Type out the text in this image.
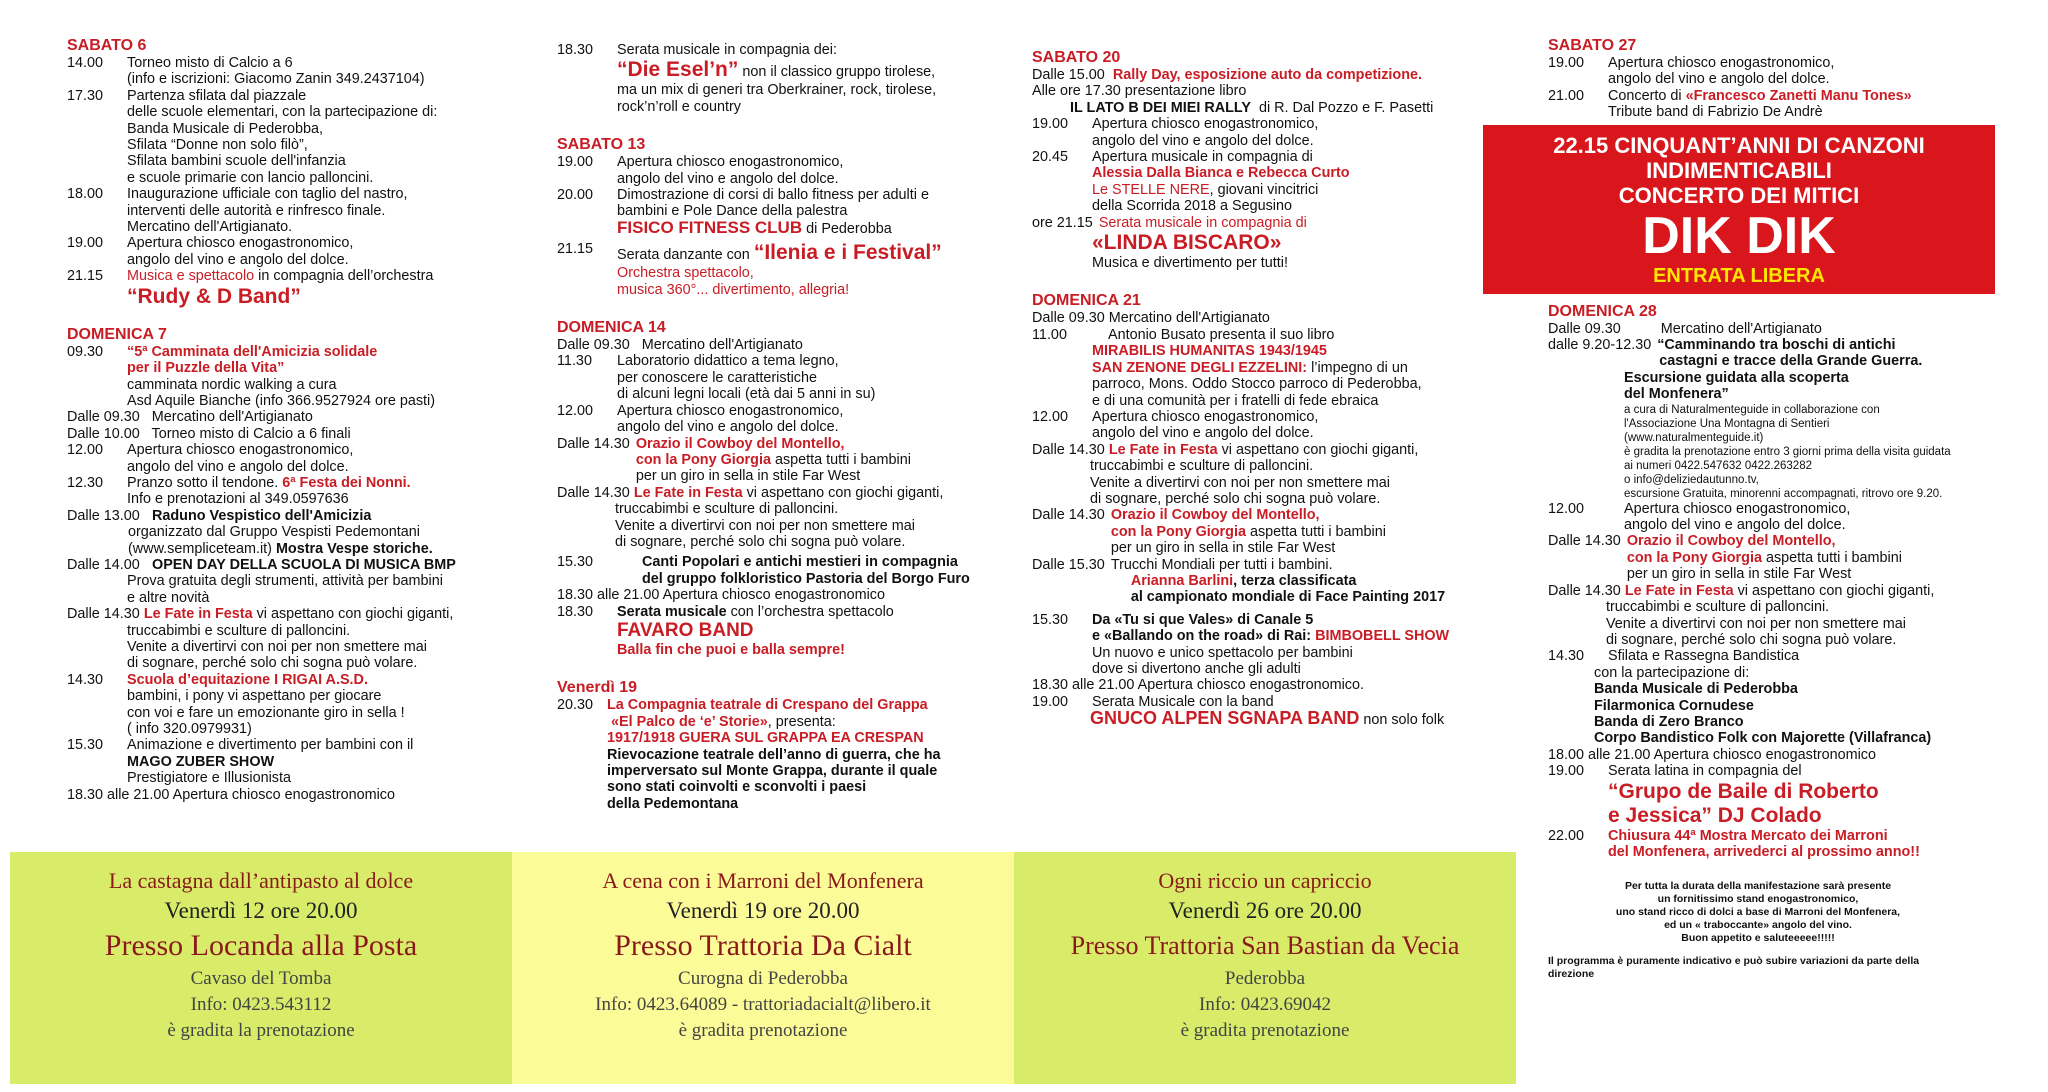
SABATO 6
14.00	Torneo misto di Calcio a 6
(info e iscrizioni: Giacomo Zanin 349.2437104)
17.30	Partenza sfilata dal piazzale
delle scuole elementari, con la partecipazione di:
Banda Musicale di Pederobba,
Sfilata “Donne non solo filò”,
Sfilata bambini scuole dell'infanzia
e scuole primarie con lancio palloncini.
18.00	Inaugurazione ufficiale con taglio del nastro,
interventi delle autorità e rinfresco finale.
Mercatino dell'Artigianato.
19.00	Apertura chiosco enogastronomico,
angolo del vino e angolo del dolce.
21.15	Musica e spettacolo in compagnia dell’orchestra
“Rudy & D Band”
DOMENICA 7
09.30	“5ª Camminata dell'Amicizia solidale
per il Puzzle della Vita”
camminata nordic walking a cura
Asd Aquile Bianche (info 366.9527924 ore pasti)
Dalle 09.30   Mercatino dell'Artigianato
Dalle 10.00   Torneo misto di Calcio a 6 finali
12.00	Apertura chiosco enogastronomico,
angolo del vino e angolo del dolce.
12.30	Pranzo sotto il tendone. 6ª Festa dei Nonni.
Info e prenotazioni al 349.0597636
Dalle 13.00 Raduno Vespistico dell'Amicizia
organizzato dal Gruppo Vespisti Pedemontani
(www.sempliceteam.it) Mostra Vespe storiche.
Dalle 14.00 OPEN DAY DELLA SCUOLA DI MUSICA BMP
Prova gratuita degli strumenti, attività per bambini
e altre novità
Dalle 14.30 Le Fate in Festa vi aspettano con giochi giganti,
truccabimbi e sculture di palloncini.
Venite a divertirvi con noi per non smettere mai
di sognare, perché solo chi sogna può volare.
14.30	Scuola d’equitazione I RIGAI A.S.D.
bambini, i pony vi aspettano per giocare
con voi e fare un emozionante giro in sella !
( info 320.0979931)
15.30	Animazione e divertimento per bambini con il
MAGO ZUBER SHOW
Prestigiatore e Illusionista
18.30 alle 21.00 Apertura chiosco enogastronomico
18.30	Serata musicale in compagnia dei:
“Die Esel’n” non il classico gruppo tirolese,
ma un mix di generi tra Oberkrainer, rock, tirolese,
rock’n’roll e country
SABATO 13
19.00	Apertura chiosco enogastronomico,
angolo del vino e angolo del dolce.
20.00	Dimostrazione di corsi di ballo fitness per adulti e
bambini e Pole Dance della palestra
FISICO FITNESS CLUB di Pederobba
21.15	Serata danzante con “Ilenia e i Festival”
Orchestra spettacolo,
musica 360°... divertimento, allegria!
DOMENICA 14
Dalle 09.30   Mercatino dell'Artigianato
11.30	Laboratorio didattico a tema legno,
per conoscere le caratteristiche
di alcuni legni locali (età dai 5 anni in su)
12.00	Apertura chiosco enogastronomico,
angolo del vino e angolo del dolce.
Dalle 14.30 Orazio il Cowboy del Montello,
con la Pony Giorgia aspetta tutti i bambini
per un giro in sella in stile Far West
Dalle 14.30 Le Fate in Festa vi aspettano con giochi giganti,
truccabimbi e sculture di palloncini.
Venite a divertirvi con noi per non smettere mai
di sognare, perché solo chi sogna può volare.
15.30	Canti Popolari e antichi mestieri in compagnia
del gruppo folkloristico Pastoria del Borgo Furo
18.30 alle 21.00 Apertura chiosco enogastronomico
18.30	Serata musicale con l’orchestra spettacolo
FAVARO BAND
Balla fin che puoi e balla sempre!
Venerdì 19
20.30 La Compagnia teatrale di Crespano del Grappa
«El Palco de ‘e’ Storie», presenta:
1917/1918 GUERA SUL GRAPPA EA CRESPAN
Rievocazione teatrale dell’anno di guerra, che ha
imperversato sul Monte Grappa, durante il quale
sono stati coinvolti e sconvolti i paesi
della Pedemontana
SABATO 20
Dalle 15.00  Rally Day, esposizione auto da competizione.
Alle ore 17.30 presentazione libro
IL LATO B DEI MIEI RALLY  di R. Dal Pozzo e F. Pasetti
19.00	Apertura chiosco enogastronomico,
angolo del vino e angolo del dolce.
20.45	Apertura musicale in compagnia di
Alessia Dalla Bianca e Rebecca Curto
Le STELLE NERE, giovani vincitrici
della Scorrida 2018 a Segusino
ore 21.15 Serata musicale in compagnia di
«LINDA BISCARO»
Musica e divertimento per tutti!
DOMENICA 21
Dalle 09.30 Mercatino dell'Artigianato
11.00	Antonio Busato presenta il suo libro
MIRABILIS HUMANITAS 1943/1945
SAN ZENONE DEGLI EZZELINI: l’impegno di un
parroco, Mons. Oddo Stocco parroco di Pederobba,
e di una comunità per i fratelli di fede ebraica
12.00	Apertura chiosco enogastronomico,
angolo del vino e angolo del dolce.
Dalle 14.30 Le Fate in Festa vi aspettano con giochi giganti,
truccabimbi e sculture di palloncini.
Venite a divertirvi con noi per non smettere mai
di sognare, perché solo chi sogna può volare.
Dalle 14.30 Orazio il Cowboy del Montello,
con la Pony Giorgia aspetta tutti i bambini
per un giro in sella in stile Far West
Dalle 15.30 Trucchi Mondiali per tutti i bambini.
Arianna Barlini, terza classificata
al campionato mondiale di Face Painting 2017
15.30	Da «Tu si que Vales» di Canale 5
e «Ballando on the road» di Rai: BIMBOBELL SHOW
Un nuovo e unico spettacolo per bambini
dove si divertono anche gli adulti
18.30 alle 21.00 Apertura chiosco enogastronomico.
19.00	Serata Musicale con la band
GNUCO ALPEN SGNAPA BAND non solo folk
SABATO 27
19.00	Apertura chiosco enogastronomico,
angolo del vino e angolo del dolce.
21.00	Concerto di «Francesco Zanetti Manu Tones»
Tribute band di Fabrizio De Andrè
22.15 CINQUANT’ANNI DI CANZONI
INDIMENTICABILI
CONCERTO DEI MITICI
DIK DIK
ENTRATA LIBERA
DOMENICA 28
Dalle 09.30          Mercatino dell'Artigianato
dalle 9.20-12.30 “Camminando tra boschi di antichi
castagni e tracce della Grande Guerra.
Escursione guidata alla scoperta
del Monfenera”
a cura di Naturalmenteguide in collaborazione con
l'Associazione Una Montagna di Sentieri
(www.naturalmenteguide.it)
è gradita la prenotazione entro 3 giorni prima della visita guidata
ai numeri 0422.547632 0422.263282
o info@deliziedautunno.tv,
escursione Gratuita, minorenni accompagnati, ritrovo ore 9.20.
12.00	Apertura chiosco enogastronomico,
angolo del vino e angolo del dolce.
Dalle 14.30 Orazio il Cowboy del Montello,
con la Pony Giorgia aspetta tutti i bambini
per un giro in sella in stile Far West
Dalle 14.30 Le Fate in Festa vi aspettano con giochi giganti,
truccabimbi e sculture di palloncini.
Venite a divertirvi con noi per non smettere mai
di sognare, perché solo chi sogna può volare.
14.30	Sfilata e Rassegna Bandistica
con la partecipazione di:
Banda Musicale di Pederobba
Filarmonica Cornudese
Banda di Zero Branco
Corpo Bandistico Folk con Majorette (Villafranca)
18.00 alle 21.00 Apertura chiosco enogastronomico
19.00	Serata latina in compagnia del
“Grupo de Baile di Roberto
e Jessica” DJ Colado
22.00	Chiusura 44ª Mostra Mercato dei Marroni
del Monfenera, arrivederci al prossimo anno!!
Per tutta la durata della manifestazione sarà presente
un fornitissimo stand enogastronomico,
uno stand ricco di dolci a base di Marroni del Monfenera,
ed un « traboccante» angolo del vino.
Buon appetito e saluteeeee!!!!!
Il programma è puramente indicativo e può subire variazioni da parte della direzione
La castagna dall’antipasto al dolce
Venerdì 12 ore 20.00
Presso Locanda alla Posta
Cavaso del Tomba
Info: 0423.543112
è gradita la prenotazione
A cena con i Marroni del Monfenera
Venerdì 19 ore 20.00
Presso Trattoria Da Cialt
Curogna di Pederobba
Info: 0423.64089 - trattoriadacialt@libero.it
è gradita prenotazione
Ogni riccio un capriccio
Venerdì 26 ore 20.00
Presso Trattoria San Bastian da Vecia
Pederobba
Info: 0423.69042
è gradita prenotazione
